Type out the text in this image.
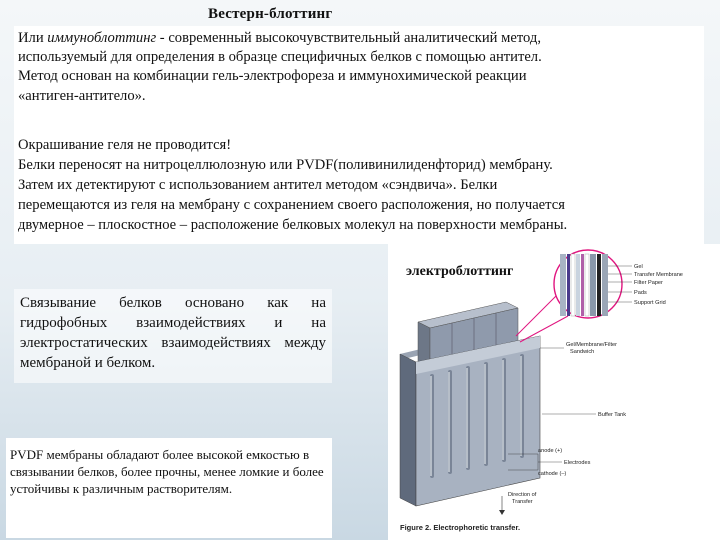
Вестерн-блоттинг
Или иммуноблоттинг - современный высокочувствительный аналитический метод,
используемый для определения в образце специфичных белков с помощью антител.
Метод основан на комбинации гель-электрофореза и иммунохимической реакции
«антиген-антитело».
Окрашивание геля не проводится!
Белки переносят на нитроцеллюлозную или PVDF(поливинилиденфторид) мембрану.
Затем их детектируют с использованием антител методом «сэндвича». Белки
перемещаются из геля на мембрану с сохранением своего расположения, но получается
двумерное – плоскостное – расположение белковых молекул на поверхности мембраны.

Связывание белков основано как на гидрофобных взаимодействиях и на электростатических взаимодействиях между мембраной и белком.

PVDF мембраны обладают более высокой емкостью в связывании белков, более прочны, менее ломкие и более устойчивы к различным растворителям.

Gel
Transfer Membrane
Filter Paper
Pads
Support Grid
Gel/Membrane/Filter
Sandwich
Buffer Tank
anode (+)
Electrodes
cathode (–)
Direction of
Transfer
Figure 2. Electrophoretic transfer.
электроблоттинг
